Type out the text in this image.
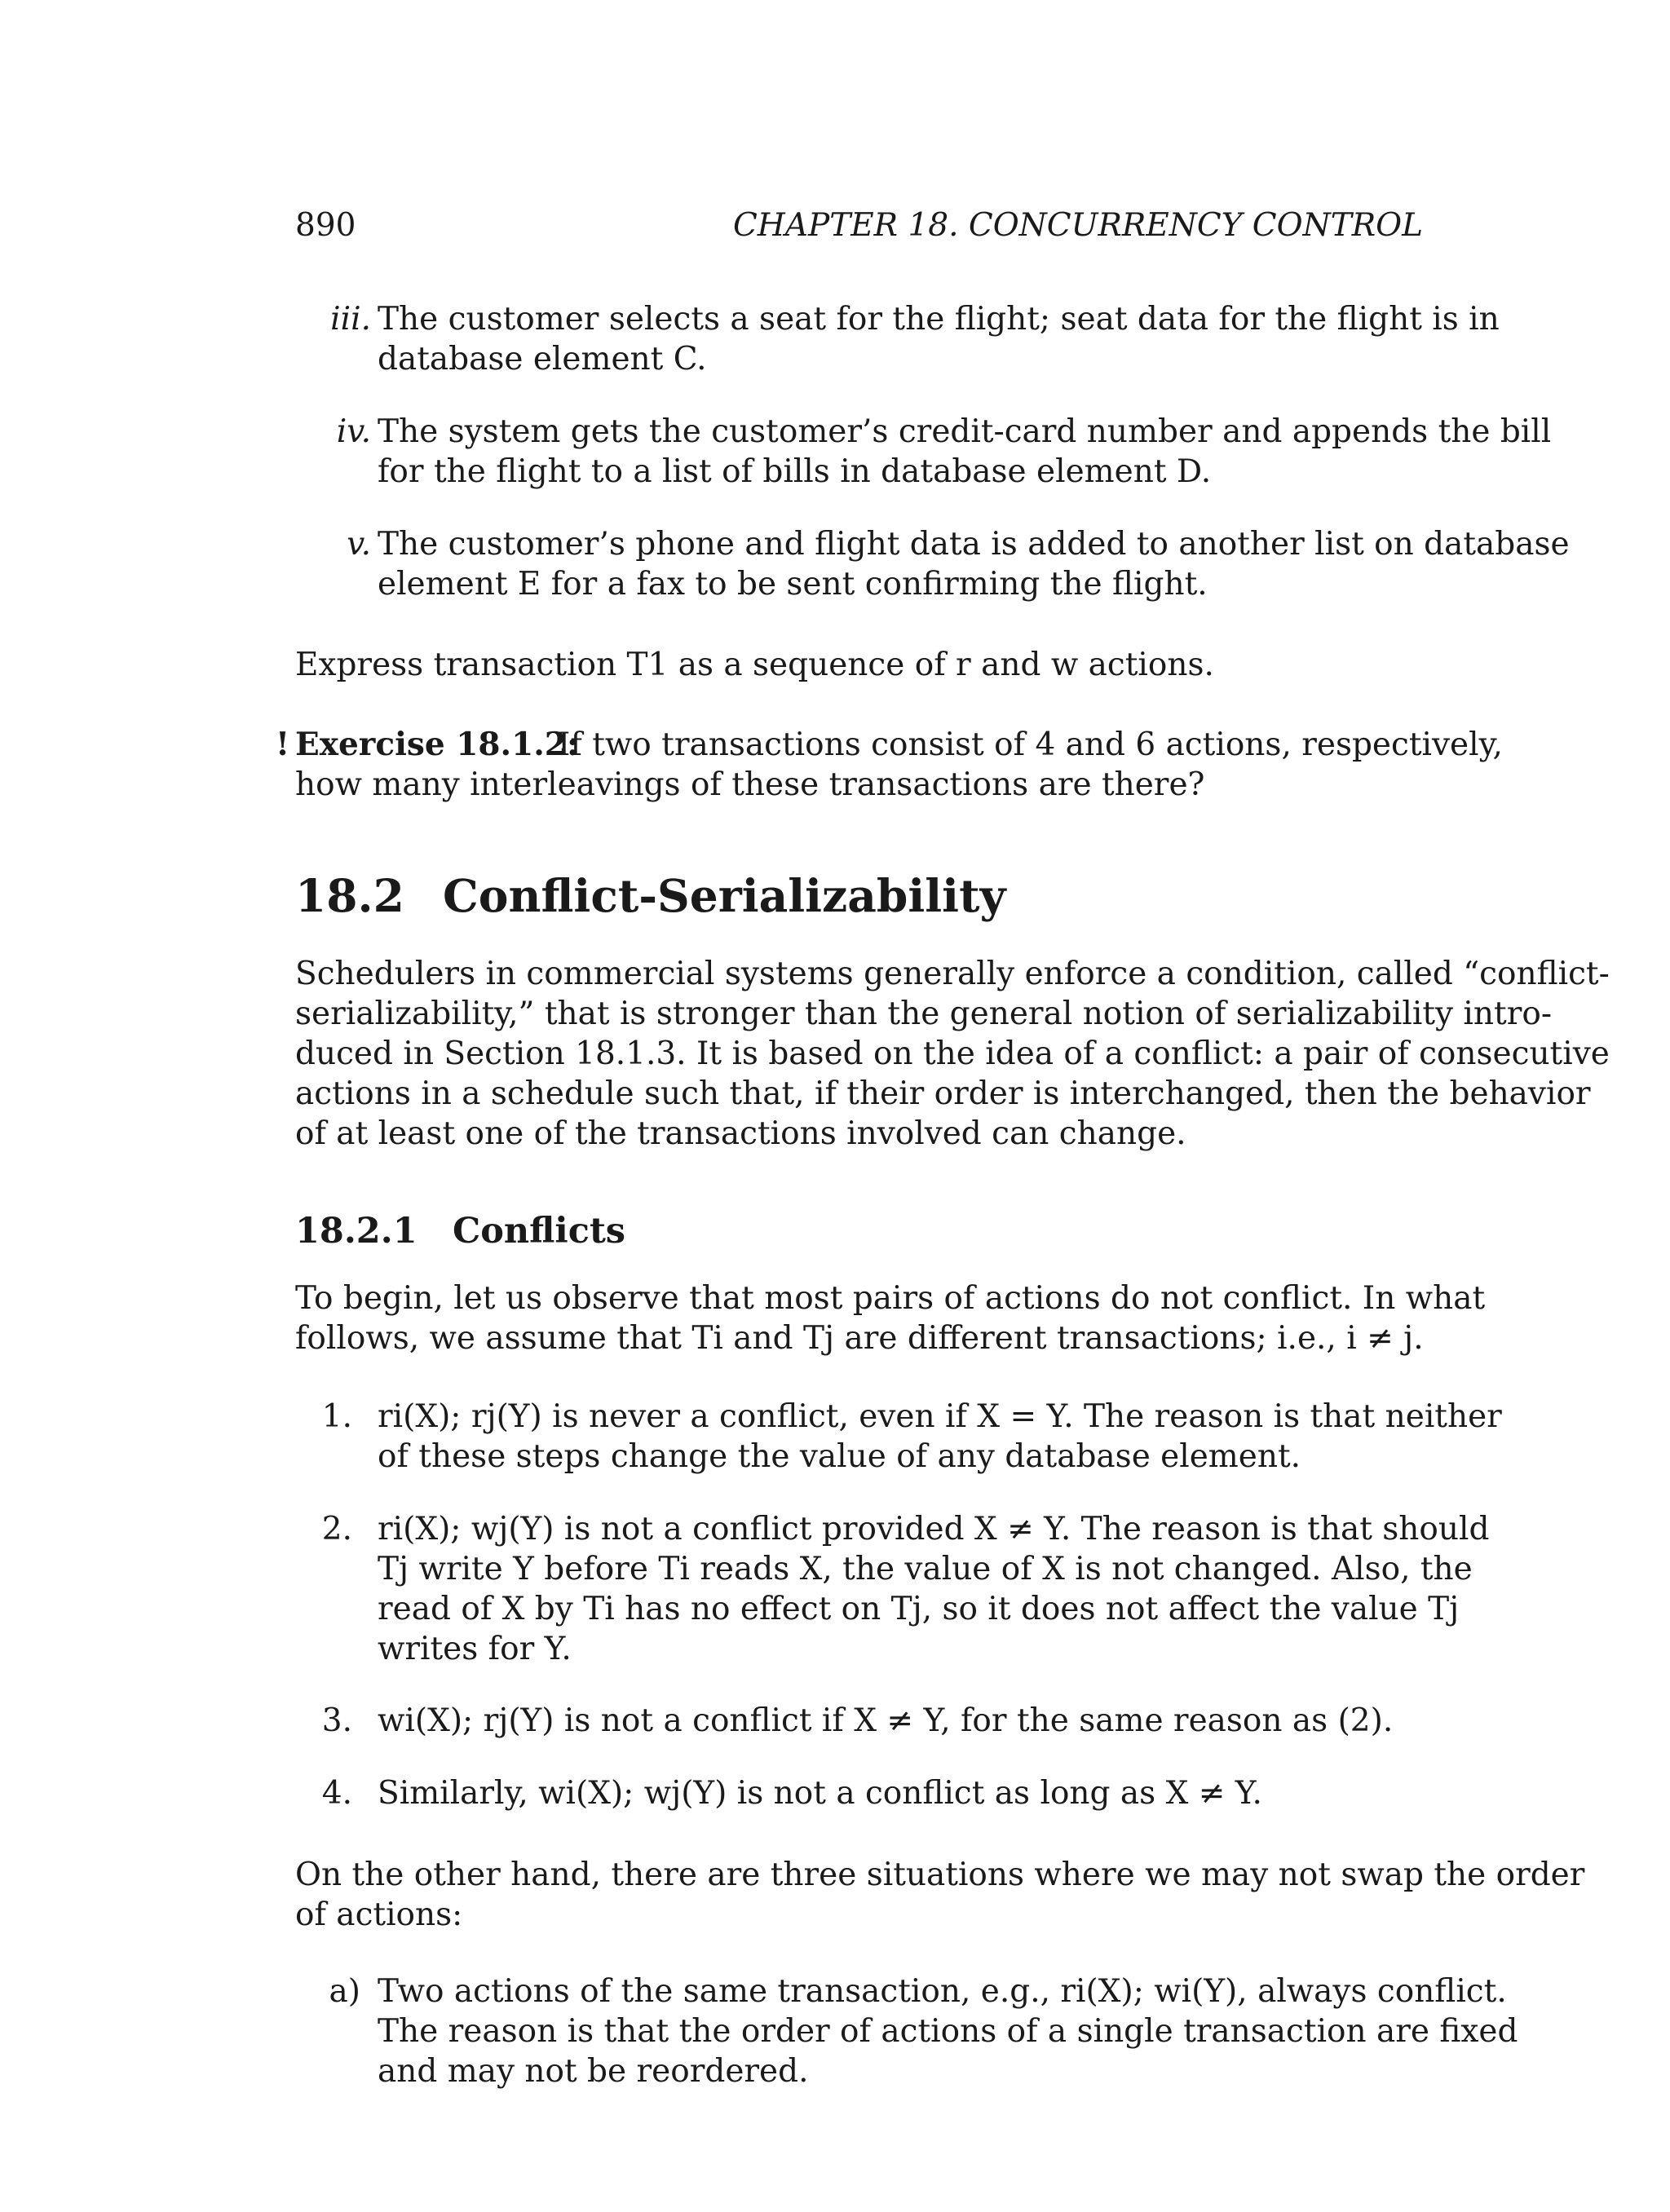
890	CHAPTER 18. CONCURRENCY CONTROL
iii. The customer selects a seat for the flight; seat data for the flight is in
database element C.
iv. The system gets the customer’s credit-card number and appends the bill
for the flight to a list of bills in database element D.
v. The customer’s phone and flight data is added to another list on database
element E for a fax to be sent confirming the flight.
Express transaction T1 as a sequence of r and w actions.
! Exercise 18.1.2:
If two transactions consist of 4 and 6 actions, respectively,
how many interleavings of these transactions are there?
18.2 Conflict-Serializability
Schedulers in commercial systems generally enforce a condition, called “conflict-
serializability,” that is stronger than the general notion of serializability intro-
duced in Section 18.1.3. It is based on the idea of a conflict: a pair of consecutive
actions in a schedule such that, if their order is interchanged, then the behavior
of at least one of the transactions involved can change.
18.2.1 Conflicts
To begin, let us observe that most pairs of actions do not conflict. In what
follows, we assume that Ti and Tj are different transactions; i.e., i ≠ j.
1. ri(X); rj(Y) is never a conflict, even if X = Y. The reason is that neither
of these steps change the value of any database element.
2. ri(X); wj(Y) is not a conflict provided X ≠ Y. The reason is that should
Tj write Y before Ti reads X, the value of X is not changed. Also, the
read of X by Ti has no effect on Tj, so it does not affect the value Tj
writes for Y.
3. wi(X); rj(Y) is not a conflict if X ≠ Y, for the same reason as (2).
4. Similarly, wi(X); wj(Y) is not a conflict as long as X ≠ Y.
On the other hand, there are three situations where we may not swap the order
of actions:
a) Two actions of the same transaction, e.g., ri(X); wi(Y), always conflict.
The reason is that the order of actions of a single transaction are fixed
and may not be reordered.
